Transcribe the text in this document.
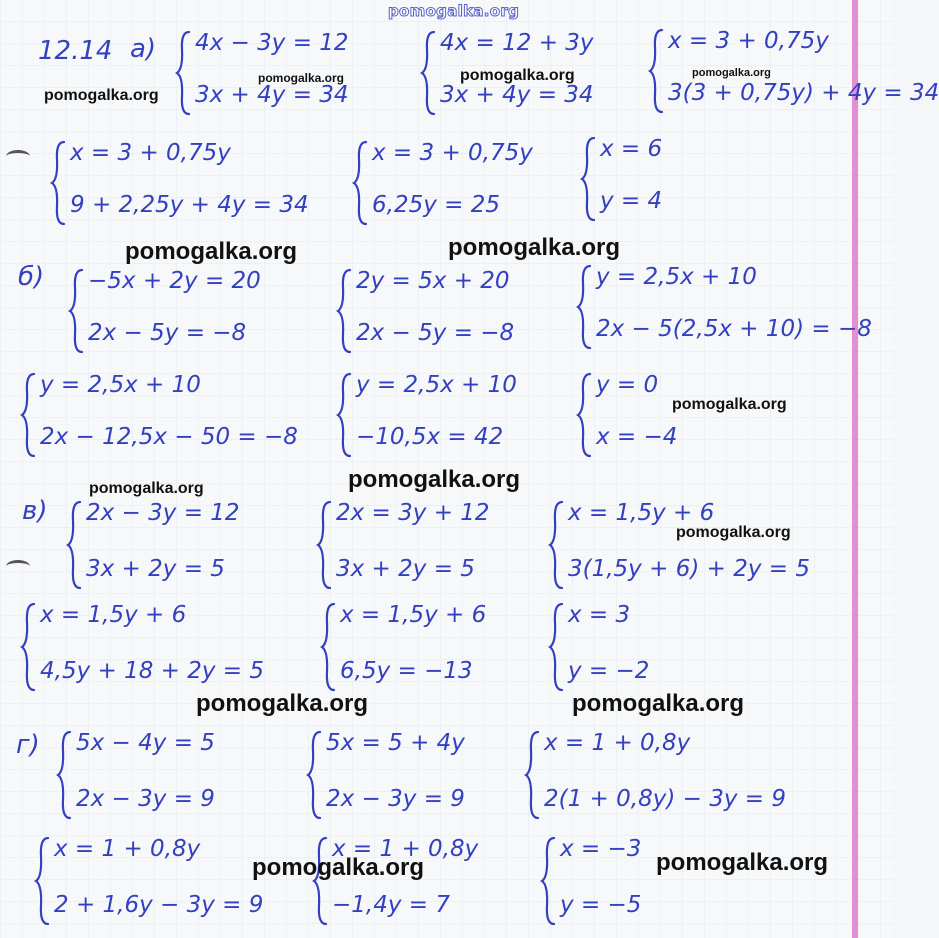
pomogalka.org
12.14 а)
б)
в)
г)
4x − 3y = 12
3x + 4y = 34
4x = 12 + 3y
3x + 4y = 34
x = 3 + 0,75y
3(3 + 0,75y) + 4y = 34
x = 3 + 0,75y
9 + 2,25y + 4y = 34
x = 3 + 0,75y
6,25y = 25
x = 6
y = 4
−5x + 2y = 20
2x − 5y = −8
2y = 5x + 20
2x − 5y = −8
y = 2,5x + 10
2x − 5(2,5x + 10) = −8
y = 2,5x + 10
2x − 12,5x − 50 = −8
y = 2,5x + 10
−10,5x = 42
y = 0
x = −4
2x − 3y = 12
3x + 2y = 5
2x = 3y + 12
3x + 2y = 5
x = 1,5y + 6
3(1,5y + 6) + 2y = 5
x = 1,5y + 6
4,5y + 18 + 2y = 5
x = 1,5y + 6
6,5y = −13
x = 3
y = −2
5x − 4y = 5
2x − 3y = 9
5x = 5 + 4y
2x − 3y = 9
x = 1 + 0,8y
2(1 + 0,8y) − 3y = 9
x = 1 + 0,8y
2 + 1,6y − 3y = 9
x = 1 + 0,8y
−1,4y = 7
x = −3
y = −5
pomogalka.org
pomogalka.org	pomogalka.org	pomogalka.org
pomogalka.org	pomogalka.org
pomogalka.org
pomogalka.org
pomogalka.org
pomogalka.org
pomogalka.org	pomogalka.org
pomogalka.org	pomogalka.org
